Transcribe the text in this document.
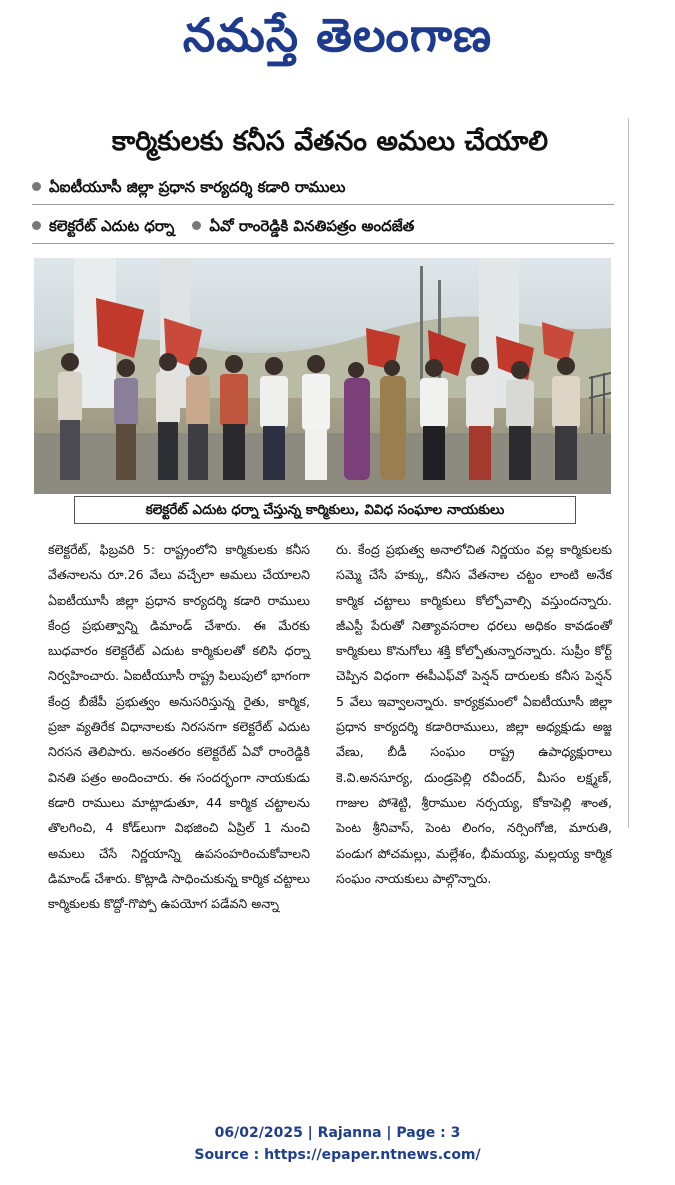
నమస్తే తెలంగాణ
కార్మికులకు కనీస వేతనం అమలు చేయాలి
ఏఐటీయూసీ జిల్లా ప్రధాన కార్యదర్శి కడారి రాములు
కలెక్టరేట్ ఎదుట ధర్నా ఏవో రాంరెడ్డికి వినతిపత్రం అందజేత
కలెక్టరేట్ ఎదుట ధర్నా చేస్తున్న కార్మికులు, వివిధ సంఘాల నాయకులు
కలెక్టరేట్, ఫిబ్రవరి 5: రాష్ట్రంలోని కార్మికులకు కనీస వేతనాలను రూ.26 వేలు వచ్చేలా అమలు చేయాలని ఏఐటీయూసీ జిల్లా ప్రధాన కార్యదర్శి కడారి రాములు కేంద్ర ప్రభుత్వాన్ని డిమాండ్ చేశారు. ఈ మేరకు బుధవారం కలెక్టరేట్ ఎదుట కార్మికులతో కలిసి ధర్నా నిర్వహించారు. ఏఐటీయూసీ రాష్ట్ర పిలుపులో భాగంగా కేంద్ర బీజేపీ ప్రభుత్వం అనుసరిస్తున్న రైతు, కార్మిక, ప్రజా వ్యతిరేక విధానాలకు నిరసనగా కలెక్టరేట్ ఎదుట నిరసన తెలిపారు. అనంతరం కలెక్టరేట్ ఏవో రాంరెడ్డికి వినతి పత్రం అందించారు. ఈ సందర్భంగా నాయకుడు కడారి రాములు మాట్లాడుతూ, 44 కార్మిక చట్టాలను తొలగించి, 4 కోడ్‌లుగా విభజించి ఏప్రిల్ 1 నుంచి అమలు చేసే నిర్ణయాన్ని ఉపసంహరించుకోవాలని డిమాండ్ చేశారు. కొట్లాడి సాధించుకున్న కార్మిక చట్టాలు కార్మికులకు కొద్దో-గొప్పో ఉపయోగ పడేవని అన్నా
రు. కేంద్ర ప్రభుత్వ అనాలోచిత నిర్ణయం వల్ల కార్మికులకు సమ్మె చేసే హక్కు, కనీస వేతనాల చట్టం లాంటి అనేక కార్మిక చట్టాలు కార్మికులు కోల్పోవాల్సి వస్తుందన్నారు. జీఎస్టీ పేరుతో నిత్యావసరాల ధరలు అధికం కావడంతో కార్మికులు కొనుగోలు శక్తి కోల్పోతున్నారన్నారు. సుప్రీం కోర్ట్ చెప్పిన విధంగా ఈపీఎఫ్‌వో పెన్షన్ దారులకు కనీస పెన్షన్ 5 వేలు ఇవ్వాలన్నారు. కార్యక్రమంలో ఏఐటీయూసీ జిల్లా ప్రధాన కార్యదర్శి కడారిరాములు, జిల్లా అధ్యక్షుడు అజ్జ వేణు, బీడీ సంఘం రాష్ట్ర ఉపాధ్యక్షురాలు కె.వి.అనసూర్య, దుండ్రపెల్లి రవీందర్, మీసం లక్ష్మణ్, గాజుల పోశెట్టి, శ్రీరాముల నర్సయ్య, కోకాపెల్లి శాంత, పెంట శ్రీనివాస్, పెంట లింగం, నర్సింగోజి, మారుతి, పండుగ పోచమల్లు, మల్లేశం, భీమయ్య, మల్లయ్య కార్మిక సంఘం నాయకులు పాల్గొన్నారు.
06/02/2025 | Rajanna | Page : 3
Source : https://epaper.ntnews.com/
